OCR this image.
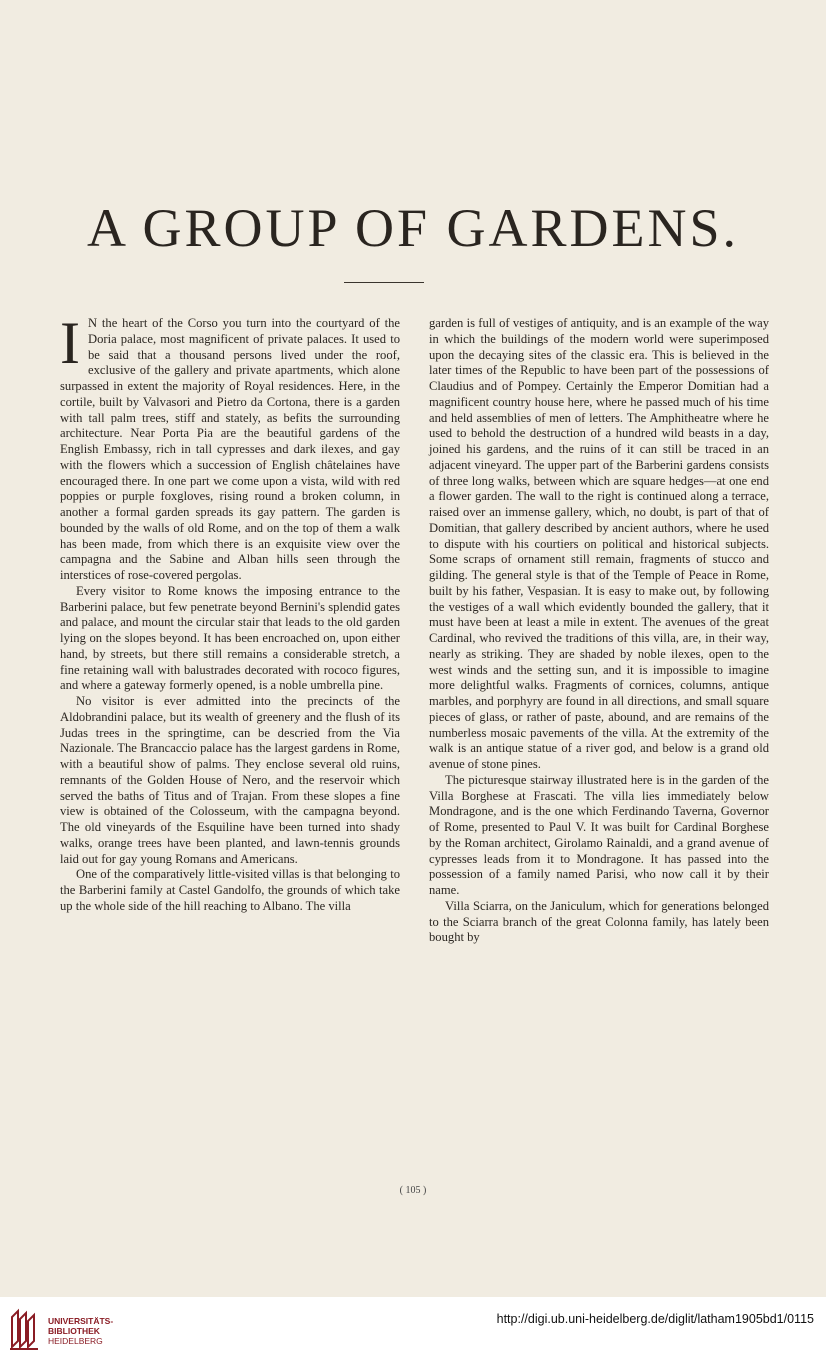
A GROUP OF GARDENS.

I N the heart of the Corso you turn into the courtyard of the Doria palace, most magnificent of private palaces. It used to be said that a thousand persons lived under the roof, exclusive of the gallery and private apartments, which alone surpassed in extent the majority of Royal residences. Here, in the cortile, built by Valvasori and Pietro da Cortona, there is a garden with tall palm trees, stiff and stately, as befits the surrounding architecture. Near Porta Pia are the beautiful gardens of the English Embassy, rich in tall cypresses and dark ilexes, and gay with the flowers which a succession of English châtelaines have encouraged there. In one part we come upon a vista, wild with red poppies or purple foxgloves, rising round a broken column, in another a formal garden spreads its gay pattern. The garden is bounded by the walls of old Rome, and on the top of them a walk has been made, from which there is an exquisite view over the campagna and the Sabine and Alban hills seen through the interstices of rose-covered pergolas.

Every visitor to Rome knows the imposing entrance to the Barberini palace, but few penetrate beyond Bernini's splendid gates and palace, and mount the circular stair that leads to the old garden lying on the slopes beyond. It has been encroached on, upon either hand, by streets, but there still remains a considerable stretch, a fine retaining wall with balustrades decorated with rococo figures, and where a gateway formerly opened, is a noble umbrella pine.

No visitor is ever admitted into the precincts of the Aldobrandini palace, but its wealth of greenery and the flush of its Judas trees in the springtime, can be descried from the Via Nazionale. The Brancaccio palace has the largest gardens in Rome, with a beautiful show of palms. They enclose several old ruins, remnants of the Golden House of Nero, and the reservoir which served the baths of Titus and of Trajan. From these slopes a fine view is obtained of the Colosseum, with the campagna beyond. The old vineyards of the Esquiline have been turned into shady walks, orange trees have been planted, and lawn-tennis grounds laid out for gay young Romans and Americans.

One of the comparatively little-visited villas is that belonging to the Barberini family at Castel Gandolfo, the grounds of which take up the whole side of the hill reaching to Albano. The villa

garden is full of vestiges of antiquity, and is an example of the way in which the buildings of the modern world were superimposed upon the decaying sites of the classic era. This is believed in the later times of the Republic to have been part of the possessions of Claudius and of Pompey. Certainly the Emperor Domitian had a magnificent country house here, where he passed much of his time and held assemblies of men of letters. The Amphitheatre where he used to behold the destruction of a hundred wild beasts in a day, joined his gardens, and the ruins of it can still be traced in an adjacent vineyard. The upper part of the Barberini gardens consists of three long walks, between which are square hedges—at one end a flower garden. The wall to the right is continued along a terrace, raised over an immense gallery, which, no doubt, is part of that of Domitian, that gallery described by ancient authors, where he used to dispute with his courtiers on political and historical subjects. Some scraps of ornament still remain, fragments of stucco and gilding. The general style is that of the Temple of Peace in Rome, built by his father, Vespasian. It is easy to make out, by following the vestiges of a wall which evidently bounded the gallery, that it must have been at least a mile in extent. The avenues of the great Cardinal, who revived the traditions of this villa, are, in their way, nearly as striking. They are shaded by noble ilexes, open to the west winds and the setting sun, and it is impossible to imagine more delightful walks. Fragments of cornices, columns, antique marbles, and porphyry are found in all directions, and small square pieces of glass, or rather of paste, abound, and are remains of the numberless mosaic pavements of the villa. At the extremity of the walk is an antique statue of a river god, and below is a grand old avenue of stone pines.

The picturesque stairway illustrated here is in the garden of the Villa Borghese at Frascati. The villa lies immediately below Mondragone, and is the one which Ferdinando Taverna, Governor of Rome, presented to Paul V. It was built for Cardinal Borghese by the Roman architect, Girolamo Rainaldi, and a grand avenue of cypresses leads from it to Mondragone. It has passed into the possession of a family named Parisi, who now call it by their name.

Villa Sciarra, on the Janiculum, which for generations belonged to the Sciarra branch of the great Colonna family, has lately been bought by

( 105 )
UNIVERSITÄTS-
BIBLIOTHEK
HEIDELBERG
http://digi.ub.uni-heidelberg.de/diglit/latham1905bd1/0115
